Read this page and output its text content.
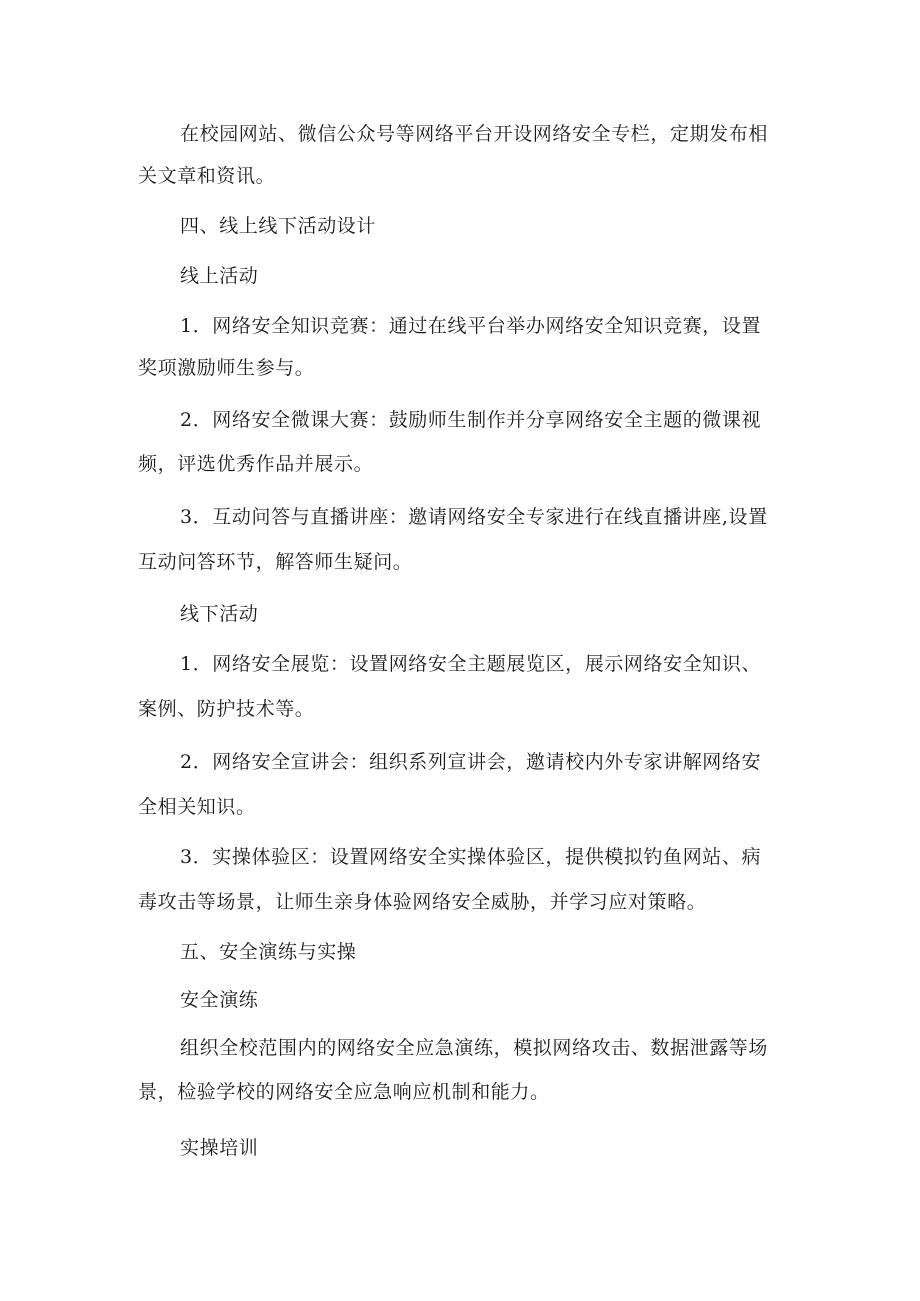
在校园网站、微信公众号等网络平台开设网络安全专栏，定期发布相
关文章和资讯。
四、线上线下活动设计
线上活动
1．网络安全知识竞赛：通过在线平台举办网络安全知识竞赛，设置
奖项激励师生参与。
2．网络安全微课大赛：鼓励师生制作并分享网络安全主题的微课视
频，评选优秀作品并展示。
3．互动问答与直播讲座：邀请网络安全专家进行在线直播讲座,设置
互动问答环节，解答师生疑问。
线下活动
1．网络安全展览：设置网络安全主题展览区，展示网络安全知识、
案例、防护技术等。
2．网络安全宣讲会：组织系列宣讲会，邀请校内外专家讲解网络安
全相关知识。
3．实操体验区：设置网络安全实操体验区，提供模拟钓鱼网站、病
毒攻击等场景，让师生亲身体验网络安全威胁，并学习应对策略。
五、安全演练与实操
安全演练
组织全校范围内的网络安全应急演练，模拟网络攻击、数据泄露等场
景，检验学校的网络安全应急响应机制和能力。
实操培训
